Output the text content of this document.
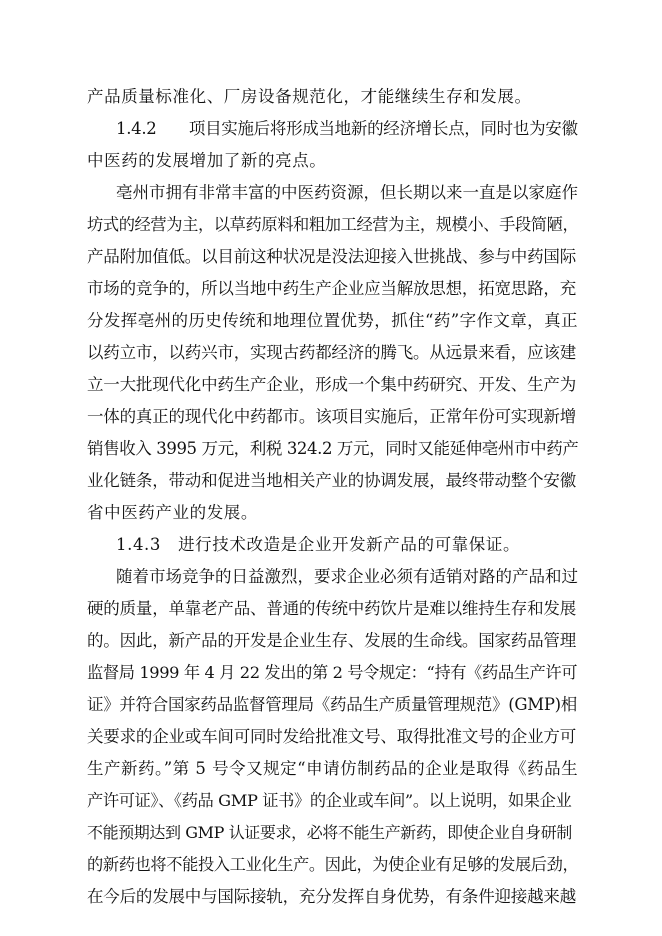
产品质量标准化、厂房设备规范化，才能继续生存和发展。
1.4.2　　项目实施后将形成当地新的经济增长点，同时也为安徽
中医药的发展增加了新的亮点。
亳州市拥有非常丰富的中医药资源，但长期以来一直是以家庭作
坊式的经营为主，以草药原料和粗加工经营为主，规模小、手段简陋，
产品附加值低。以目前这种状况是没法迎接入世挑战、参与中药国际
市场的竞争的，所以当地中药生产企业应当解放思想，拓宽思路，充
分发挥亳州的历史传统和地理位置优势，抓住“药”字作文章，真正
以药立市，以药兴市，实现古药都经济的腾飞。从远景来看，应该建
立一大批现代化中药生产企业，形成一个集中药研究、开发、生产为
一体的真正的现代化中药都市。该项目实施后，正常年份可实现新增
销售收入 3995 万元，利税 324.2 万元，同时又能延伸亳州市中药产
业化链条，带动和促进当地相关产业的协调发展，最终带动整个安徽
省中医药产业的发展。
1.4.3　进行技术改造是企业开发新产品的可靠保证。
随着市场竞争的日益激烈，要求企业必须有适销对路的产品和过
硬的质量，单靠老产品、普通的传统中药饮片是难以维持生存和发展
的。因此，新产品的开发是企业生存、发展的生命线。国家药品管理
监督局 1999 年 4 月 22 发出的第 2 号令规定：“持有《药品生产许可
证》并符合国家药品监督管理局《药品生产质量管理规范》(GMP)相
关要求的企业或车间可同时发给批准文号、取得批准文号的企业方可
生产新药。”第 5 号令又规定“申请仿制药品的企业是取得《药品生
产许可证》、《药品 GMP 证书》的企业或车间”。以上说明，如果企业
不能预期达到 GMP 认证要求，必将不能生产新药，即使企业自身研制
的新药也将不能投入工业化生产。因此，为使企业有足够的发展后劲，
在今后的发展中与国际接轨，充分发挥自身优势，有条件迎接越来越
